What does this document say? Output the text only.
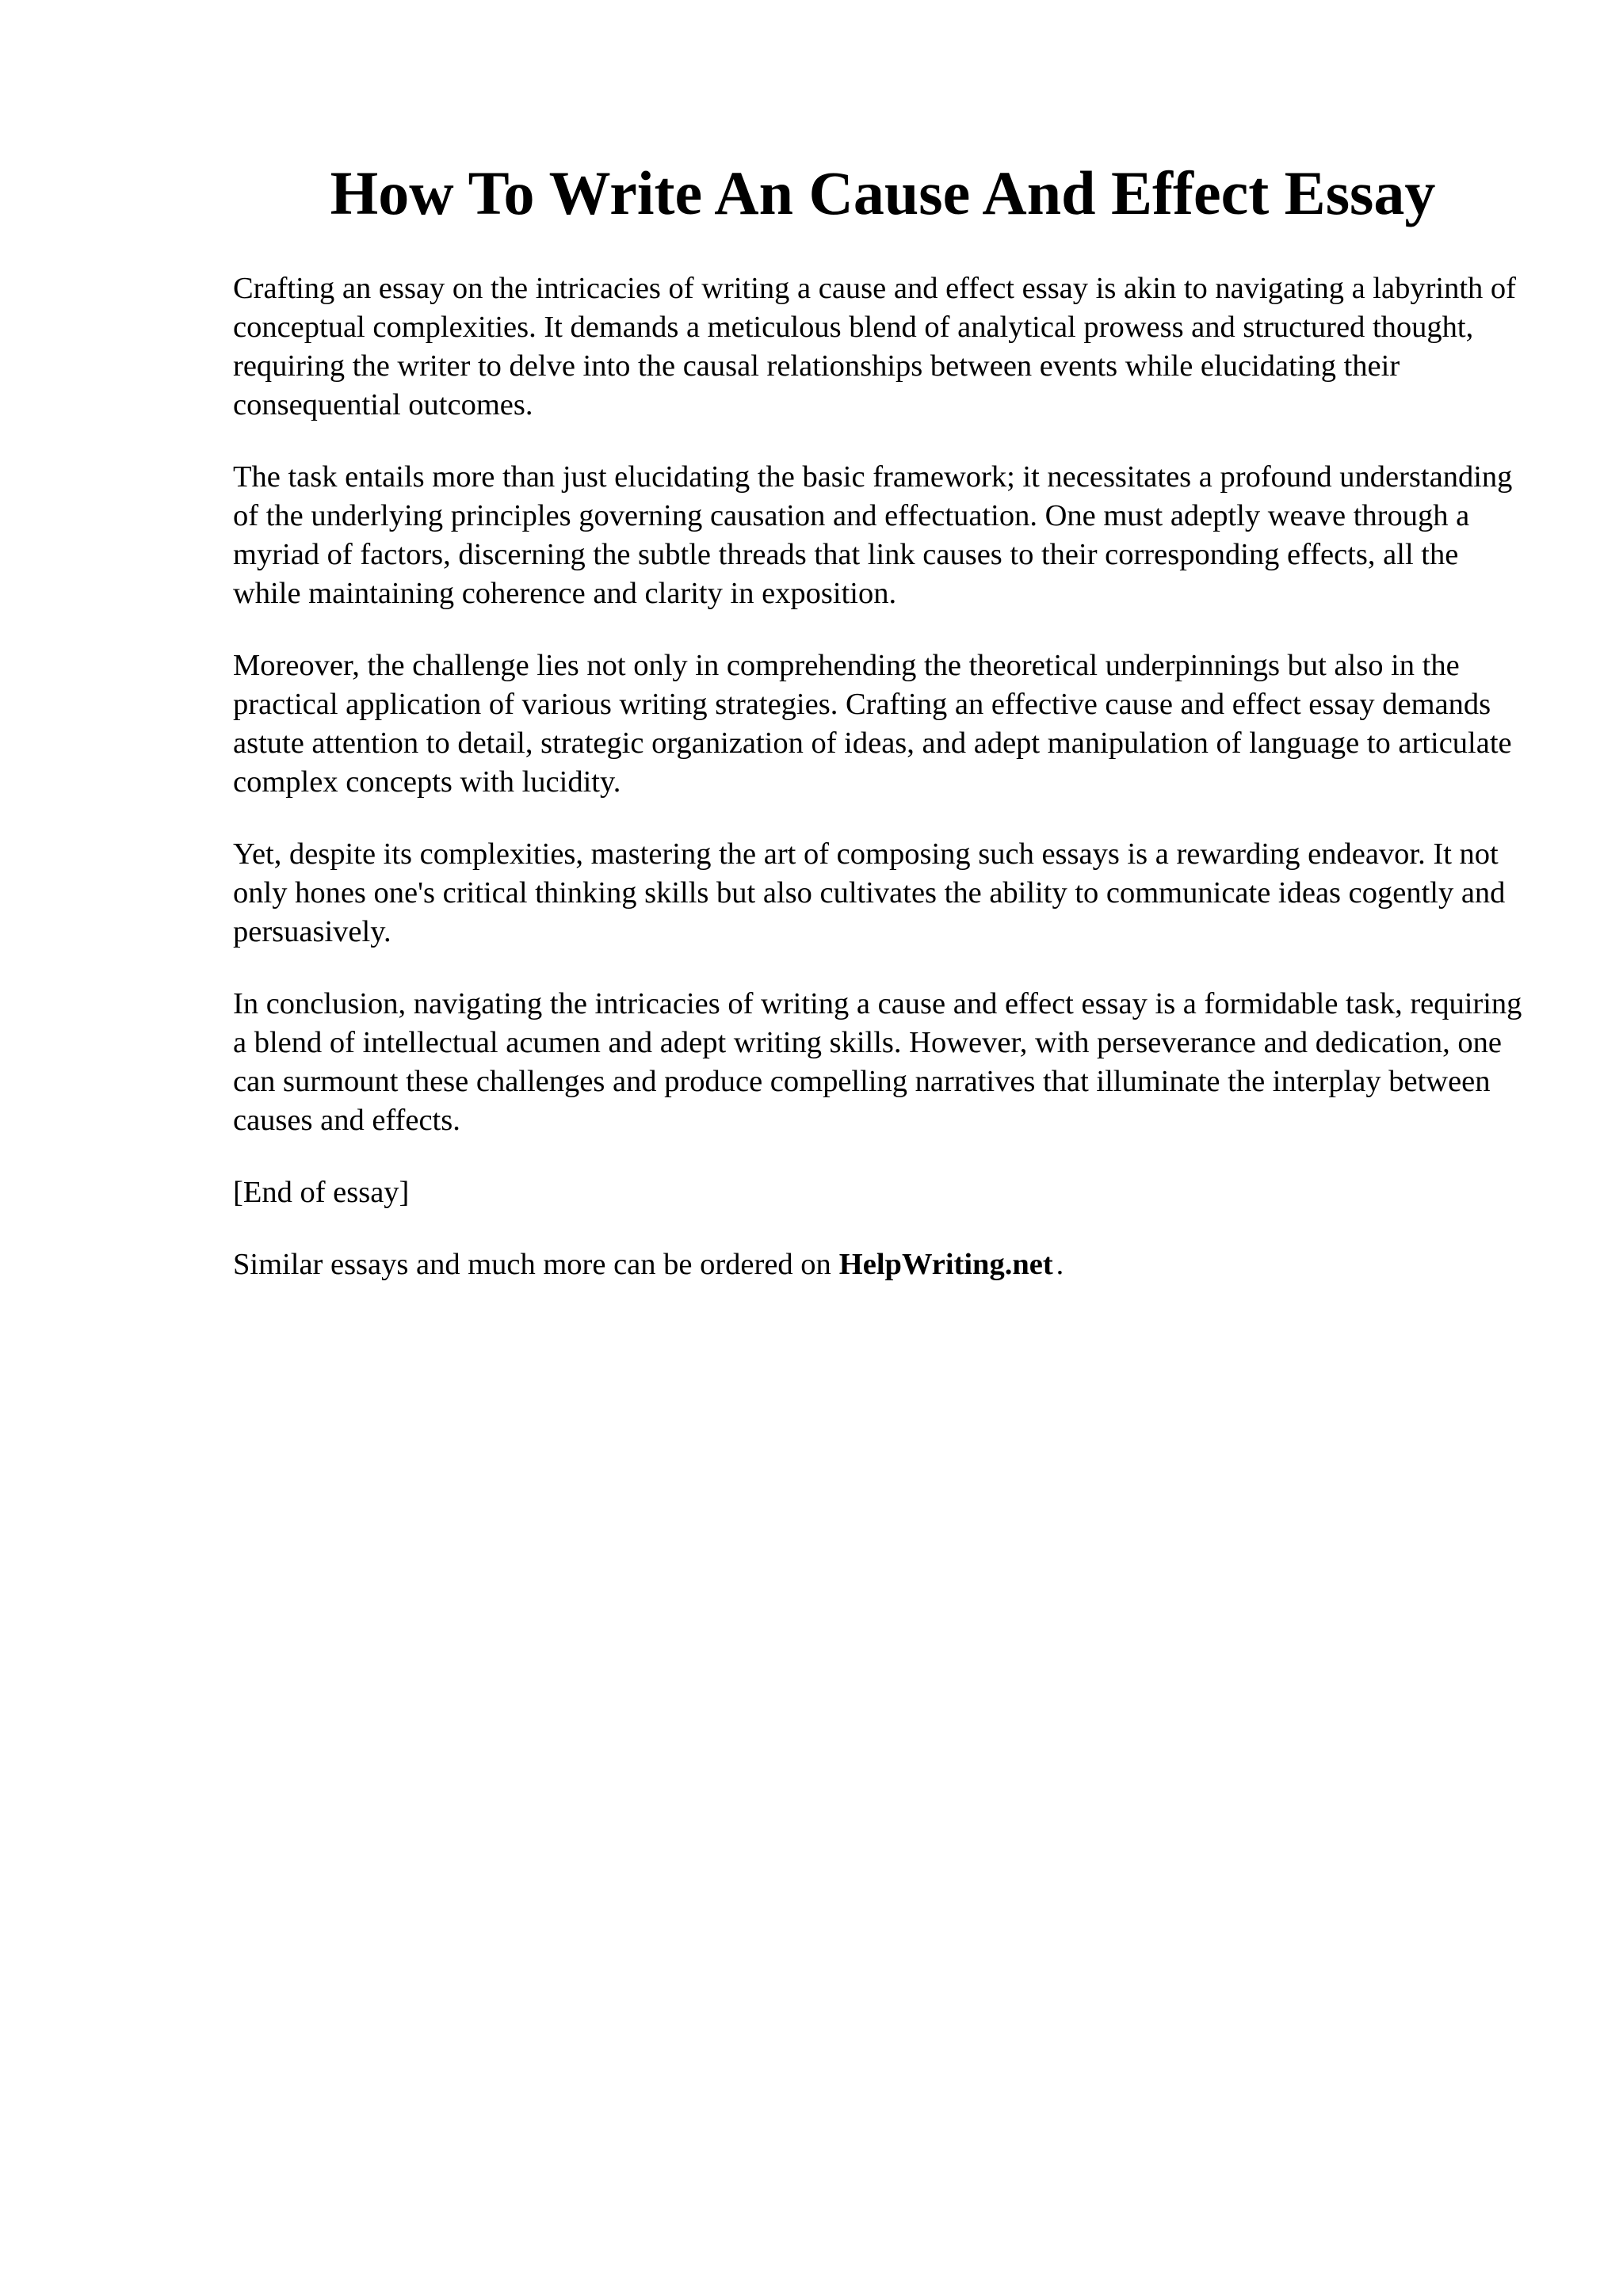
How To Write An Cause And Effect Essay

Crafting an essay on the intricacies of writing a cause and effect essay is akin to navigating a labyrinth of conceptual complexities. It demands a meticulous blend of analytical prowess and structured thought, requiring the writer to delve into the causal relationships between events while elucidating their consequential outcomes.

The task entails more than just elucidating the basic framework; it necessitates a profound understanding of the underlying principles governing causation and effectuation. One must adeptly weave through a myriad of factors, discerning the subtle threads that link causes to their corresponding effects, all the while maintaining coherence and clarity in exposition.

Moreover, the challenge lies not only in comprehending the theoretical underpinnings but also in the practical application of various writing strategies. Crafting an effective cause and effect essay demands astute attention to detail, strategic organization of ideas, and adept manipulation of language to articulate complex concepts with lucidity.

Yet, despite its complexities, mastering the art of composing such essays is a rewarding endeavor. It not only hones one's critical thinking skills but also cultivates the ability to communicate ideas cogently and persuasively.

In conclusion, navigating the intricacies of writing a cause and effect essay is a formidable task, requiring a blend of intellectual acumen and adept writing skills. However, with perseverance and dedication, one can surmount these challenges and produce compelling narratives that illuminate the interplay between causes and effects.

[End of essay]

Similar essays and much more can be ordered on HelpWriting.net .
